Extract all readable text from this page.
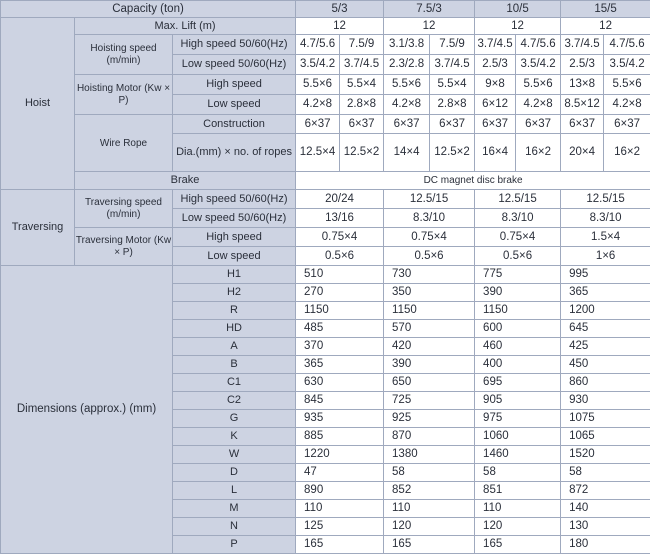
Capacity (ton)			5/3		7.5/3		10/5		15/5	
Hoist	Max. Lift (m)		12		12		12		12	
	Hoisting speed (m/min)	High speed 50/60(Hz)	4.7/5.6	7.5/9	3.1/3.8	7.5/9	3.7/4.5	4.7/5.6	3.7/4.5	4.7/5.6
		Low speed 50/60(Hz)	3.5/4.2	3.7/4.5	2.3/2.8	3.7/4.5	2.5/3	3.5/4.2	2.5/3	3.5/4.2
	Hoisting Motor (Kw × P)	High speed	5.5×6	5.5×4	5.5×6	5.5×4	9×8	5.5×6	13×8	5.5×6
		Low speed	4.2×8	2.8×8	4.2×8	2.8×8	6×12	4.2×8	8.5×12	4.2×8
	Wire Rope	Construction	6×37	6×37	6×37	6×37	6×37	6×37	6×37	6×37
		Dia.(mm) × no. of ropes	12.5×4	12.5×2	14×4	12.5×2	16×4	16×2	20×4	16×2

	Brake		DC magnet disc brake							
Traversing	Traversing speed (m/min)	High speed 50/60(Hz)	20/24		12.5/15		12.5/15		12.5/15	
		Low speed 50/60(Hz)	13/16		8.3/10		8.3/10		8.3/10	
	Traversing Motor (Kw × P)	High speed	0.75×4		0.75×4		0.75×4		1.5×4	
		Low speed	0.5×6		0.5×6		0.5×6		1×6	
Dimensions (approx.) (mm)		H1	510		730		775		995	
		H2	270		350		390		365	
		R	1150		1150		1150		1200	
		HD	485		570		600		645	
		A	370		420		460		425	
		B	365		390		400		450	
		C1	630		650		695		860	
		C2	845		725		905		930	
		G	935		925		975		1075	
		K	885		870		1060		1065	
		W	1220		1380		1460		1520	
		D	47		58		58		58	
		L	890		852		851		872	
		M	110		110		110		140	
		N	125		120		120		130	
		P	165		165		165		180	
